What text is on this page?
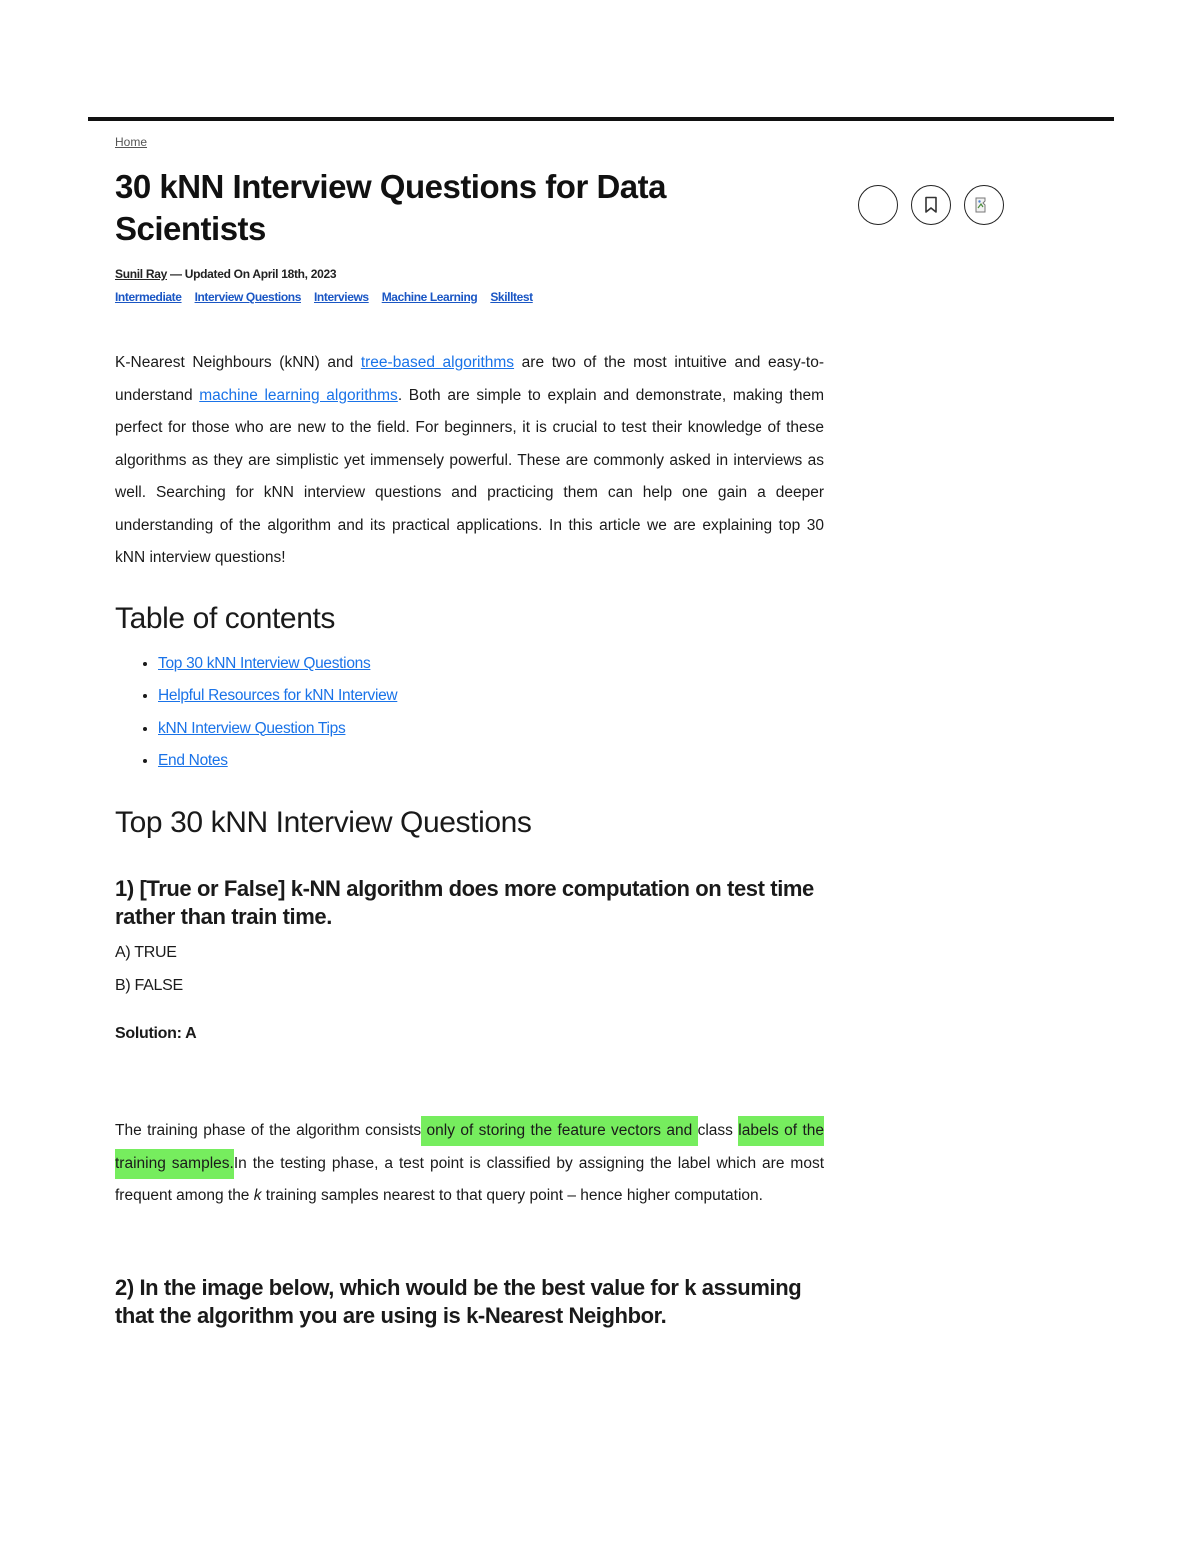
Home
30 kNN Interview Questions for Data Scientists
Sunil Ray — Updated On April 18th, 2023
Intermediate Interview Questions Interviews Machine Learning Skilltest

K-Nearest Neighbours (kNN) and tree-based algorithms are two of the most intuitive and easy-to-understand machine learning algorithms. Both are simple to explain and demonstrate, making them perfect for those who are new to the field. For beginners, it is crucial to test their knowledge of these algorithms as they are simplistic yet immensely powerful. These are commonly asked in interviews as well. Searching for kNN interview questions and practicing them can help one gain a deeper understanding of the algorithm and its practical applications. In this article we are explaining top 30 kNN interview questions!

Table of contents
• Top 30 kNN Interview Questions
• Helpful Resources for kNN Interview
• kNN Interview Question Tips
• End Notes
Top 30 kNN Interview Questions
1) [True or False] k-NN algorithm does more computation on test time rather than train time.
A) TRUE
B) FALSE
Solution: A

The training phase of the algorithm consists only of storing the feature vectors and class labels of the training samples.In the testing phase, a test point is classified by assigning the label which are most frequent among the k training samples nearest to that query point – hence higher computation.

2) In the image below, which would be the best value for k assuming that the algorithm you are using is k-Nearest Neighbor.
